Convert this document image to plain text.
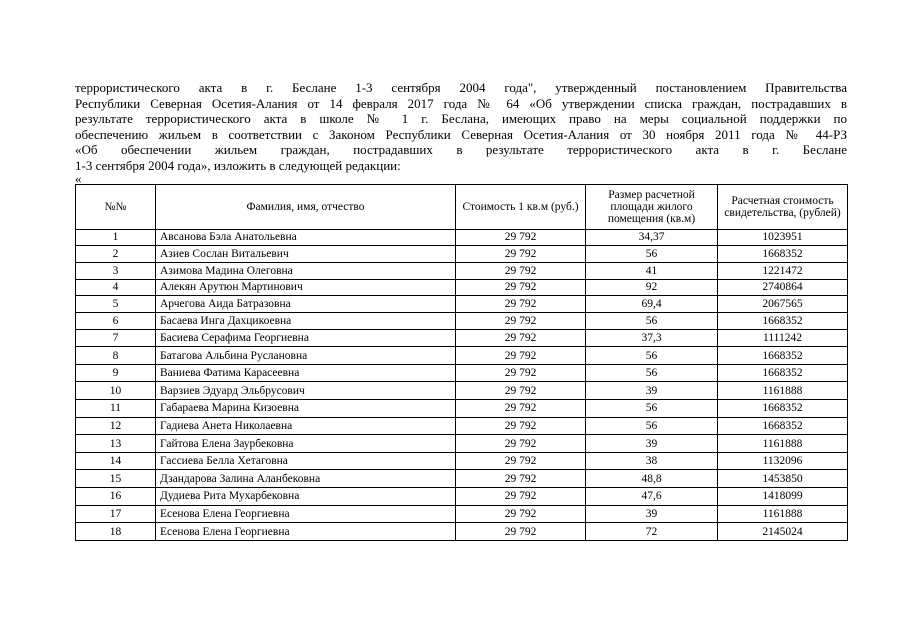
террористического акта в г. Беслане 1-3 сентября 2004 года", утвержденный постановлением Правительства
Республики Северная Осетия-Алания от 14 февраля 2017 года № 64 «Об утверждении списка граждан, пострадавших в
результате террористического акта в школе № 1 г. Беслана, имеющих право на меры социальной поддержки по
обеспечению жильем в соответствии с Законом Республики Северная Осетия-Алания от 30 ноября 2011 года № 44-РЗ
«Об обеспечении жильем граждан, пострадавших в результате террористического акта в г. Беслане
1-3 сентября 2004 года», изложить в следующей редакции:

«

№№	Фамилия, имя, отчество	Стоимость 1 кв.м (руб.)	Размер расчетной площади жилого помещения (кв.м)	Расчетная стоимость свидетельства, (рублей)
1	Авсанова Бэла Анатольевна	29 792	34,37	1023951
2	Азиев Сослан Витальевич	29 792	56	1668352
3	Азимова Мадина Олеговна	29 792	41	1221472
4	Алекян Арутюн Мартинович	29 792	92	2740864
5	Арчегова Аида Батразовна	29 792	69,4	2067565
6	Басаева Инга Дахцикоевна	29 792	56	1668352
7	Басиева Серафима Георгиевна	29 792	37,3	1111242
8	Батагова Альбина Руслановна	29 792	56	1668352
9	Ваниева Фатима Карасеевна	29 792	56	1668352
10	Варзиев Эдуард Эльбрусович	29 792	39	1161888
11	Габараева Марина Кизоевна	29 792	56	1668352
12	Гадиева Анета Николаевна	29 792	56	1668352
13	Гайтова Елена Заурбековна	29 792	39	1161888
14	Гассиева Белла Хетаговна	29 792	38	1132096
15	Дзандарова Залина Аланбековна	29 792	48,8	1453850
16	Дудиева Рита Мухарбековна	29 792	47,6	1418099
17	Есенова Елена Георгиевна	29 792	39	1161888
18	Есенова Елена Георгиевна	29 792	72	2145024
